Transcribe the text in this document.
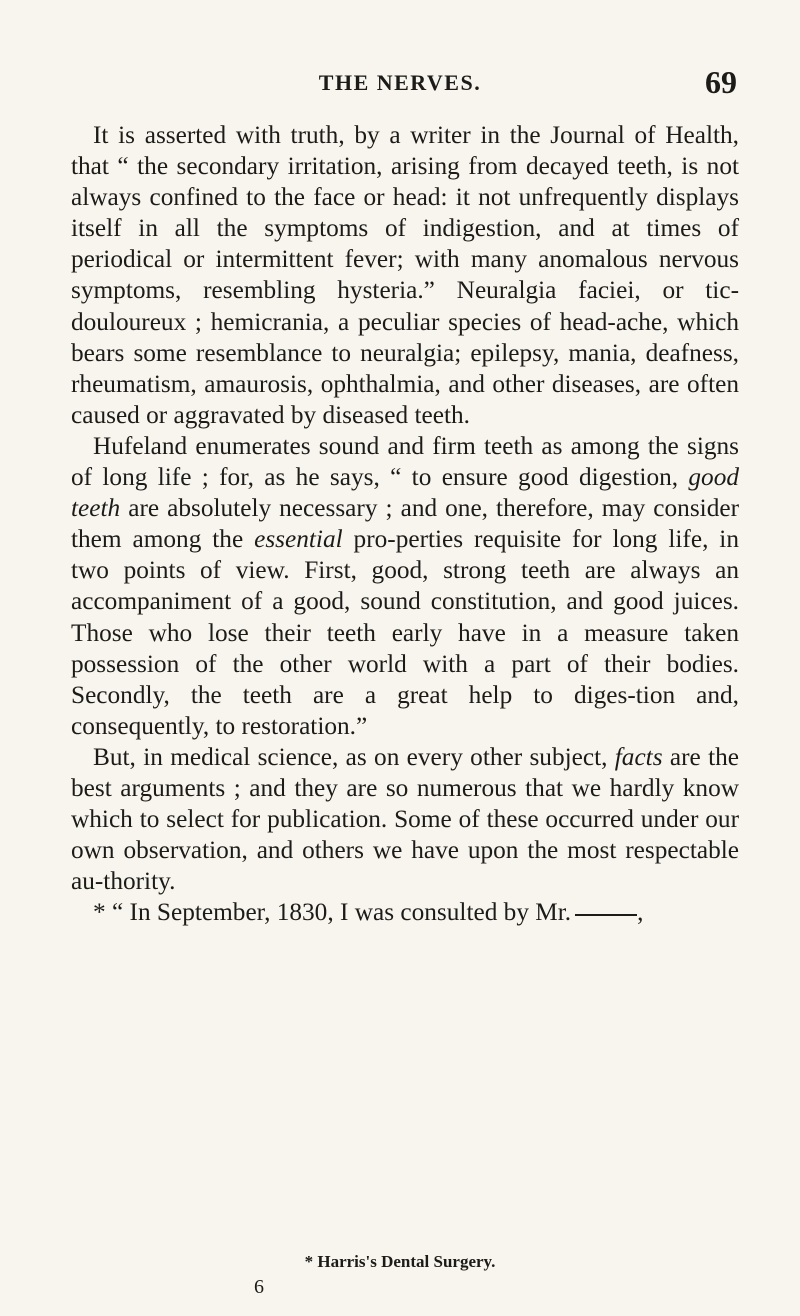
THE NERVES.	69

It is asserted with truth, by a writer in the Journal of Health, that “ the secondary irritation, arising from decayed teeth, is not always confined to the face or head: it not unfrequently displays itself in all the symptoms of indigestion, and at times of periodical or intermittent fever; with many anomalous nervous symptoms, resembling hysteria.” Neuralgia faciei, or tic-douloureux ; hemicrania, a peculiar species of head-ache, which bears some resemblance to neuralgia; epilepsy, mania, deafness, rheumatism, amaurosis, ophthalmia, and other diseases, are often caused or aggravated by diseased teeth.

Hufeland enumerates sound and firm teeth as among the signs of long life ; for, as he says, “ to ensure good digestion, good teeth are absolutely necessary ; and one, therefore, may consider them among the essential pro-perties requisite for long life, in two points of view. First, good, strong teeth are always an accompaniment of a good, sound constitution, and good juices. Those who lose their teeth early have in a measure taken possession of the other world with a part of their bodies. Secondly, the teeth are a great help to diges-tion and, consequently, to restoration.”

But, in medical science, as on every other subject, facts are the best arguments ; and they are so numerous that we hardly know which to select for publication. Some of these occurred under our own observation, and others we have upon the most respectable au-thority.

* “ In September, 1830, I was consulted by Mr.	,

* Harris's Dental Surgery.
6
